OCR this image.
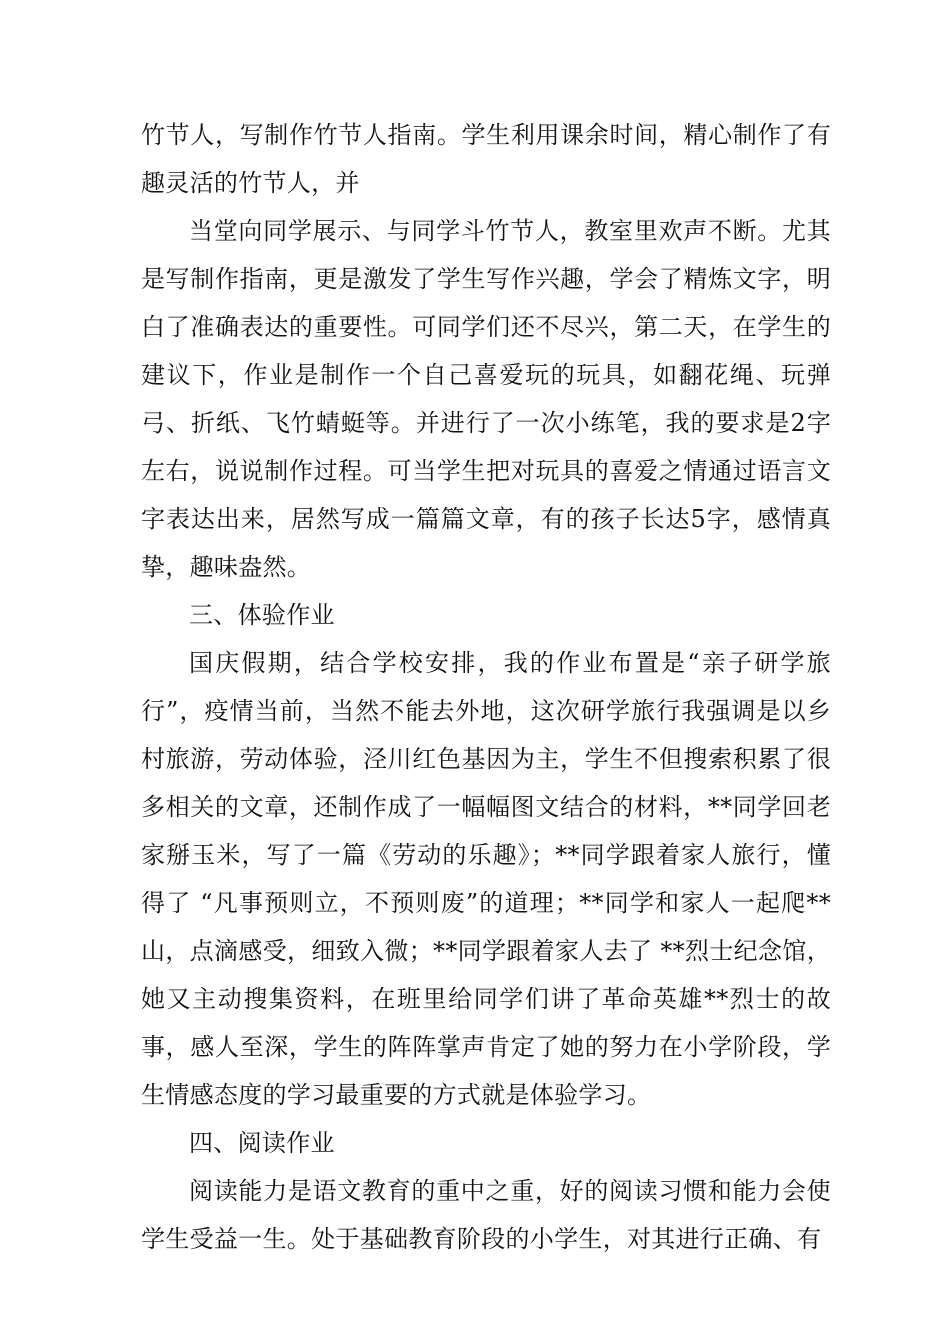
竹节人，写制作竹节人指南。学生利用课余时间，精心制作了有趣灵活的竹节人，并

当堂向同学展示、与同学斗竹节人，教室里欢声不断。尤其是写制作指南，更是激发了学生写作兴趣，学会了精炼文字，明白了准确表达的重要性。可同学们还不尽兴，第二天，在学生的建议下，作业是制作一个自己喜爱玩的玩具，如翻花绳、玩弹弓、折纸、飞竹蜻蜓等。并进行了一次小练笔，我的要求是2字左右，说说制作过程。可当学生把对玩具的喜爱之情通过语言文字表达出来，居然写成一篇篇文章，有的孩子长达5字，感情真挚，趣味盎然。

三、体验作业

国庆假期，结合学校安排，我的作业布置是“亲子研学旅行”，疫情当前，当然不能去外地，这次研学旅行我强调是以乡村旅游，劳动体验，泾川红色基因为主，学生不但搜索积累了很多相关的文章，还制作成了一幅幅图文结合的材料，**同学回老家掰玉米，写了一篇《劳动的乐趣》；**同学跟着家人旅行，懂得了 “凡事预则立，不预则废”的道理；**同学和家人一起爬**山，点滴感受，细致入微；**同学跟着家人去了 **烈士纪念馆，她又主动搜集资料，在班里给同学们讲了革命英雄**烈士的故事，感人至深，学生的阵阵掌声肯定了她的努力在小学阶段，学生情感态度的学习最重要的方式就是体验学习。

四、阅读作业

阅读能力是语文教育的重中之重，好的阅读习惯和能力会使学生受益一生。处于基础教育阶段的小学生，对其进行正确、有
